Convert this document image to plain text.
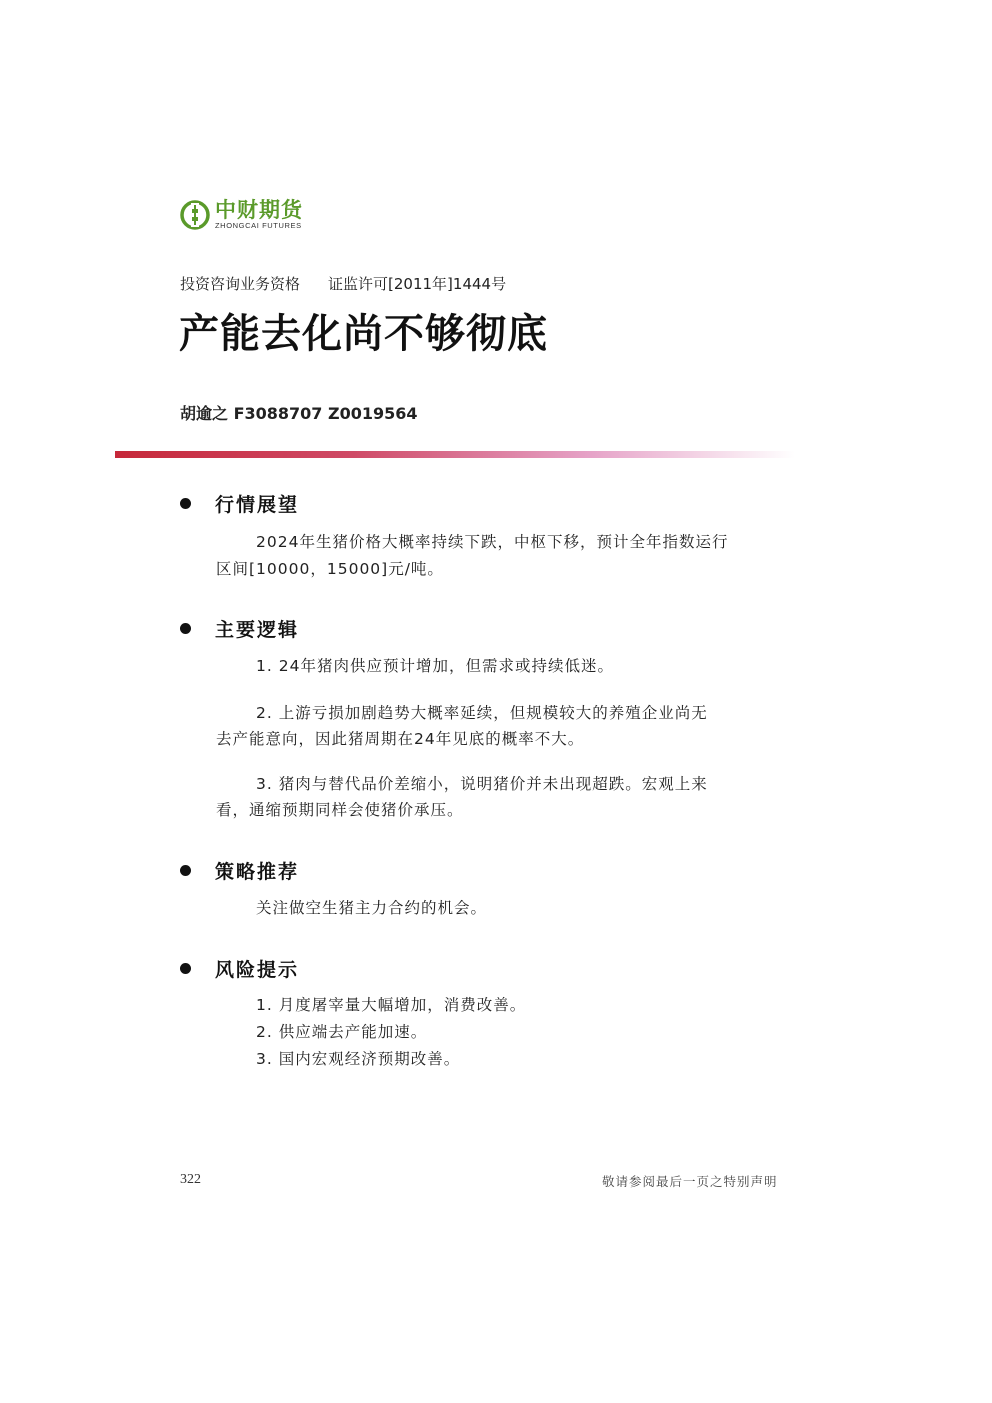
中财期货
ZHONGCAI FUTURES
投资咨询业务资格 证监许可[2011年]1444号
产能去化尚不够彻底
胡逾之 F3088707 Z0019564
行情展望
2024年生猪价格大概率持续下跌，中枢下移，预计全年指数运行
区间[10000，15000]元/吨。
主要逻辑
1. 24年猪肉供应预计增加，但需求或持续低迷。
2. 上游亏损加剧趋势大概率延续，但规模较大的养殖企业尚无
去产能意向，因此猪周期在24年见底的概率不大。
3. 猪肉与替代品价差缩小，说明猪价并未出现超跌。宏观上来
看，通缩预期同样会使猪价承压。
策略推荐
关注做空生猪主力合约的机会。
风险提示
1. 月度屠宰量大幅增加，消费改善。
2. 供应端去产能加速。
3. 国内宏观经济预期改善。
322	敬请参阅最后一页之特别声明
